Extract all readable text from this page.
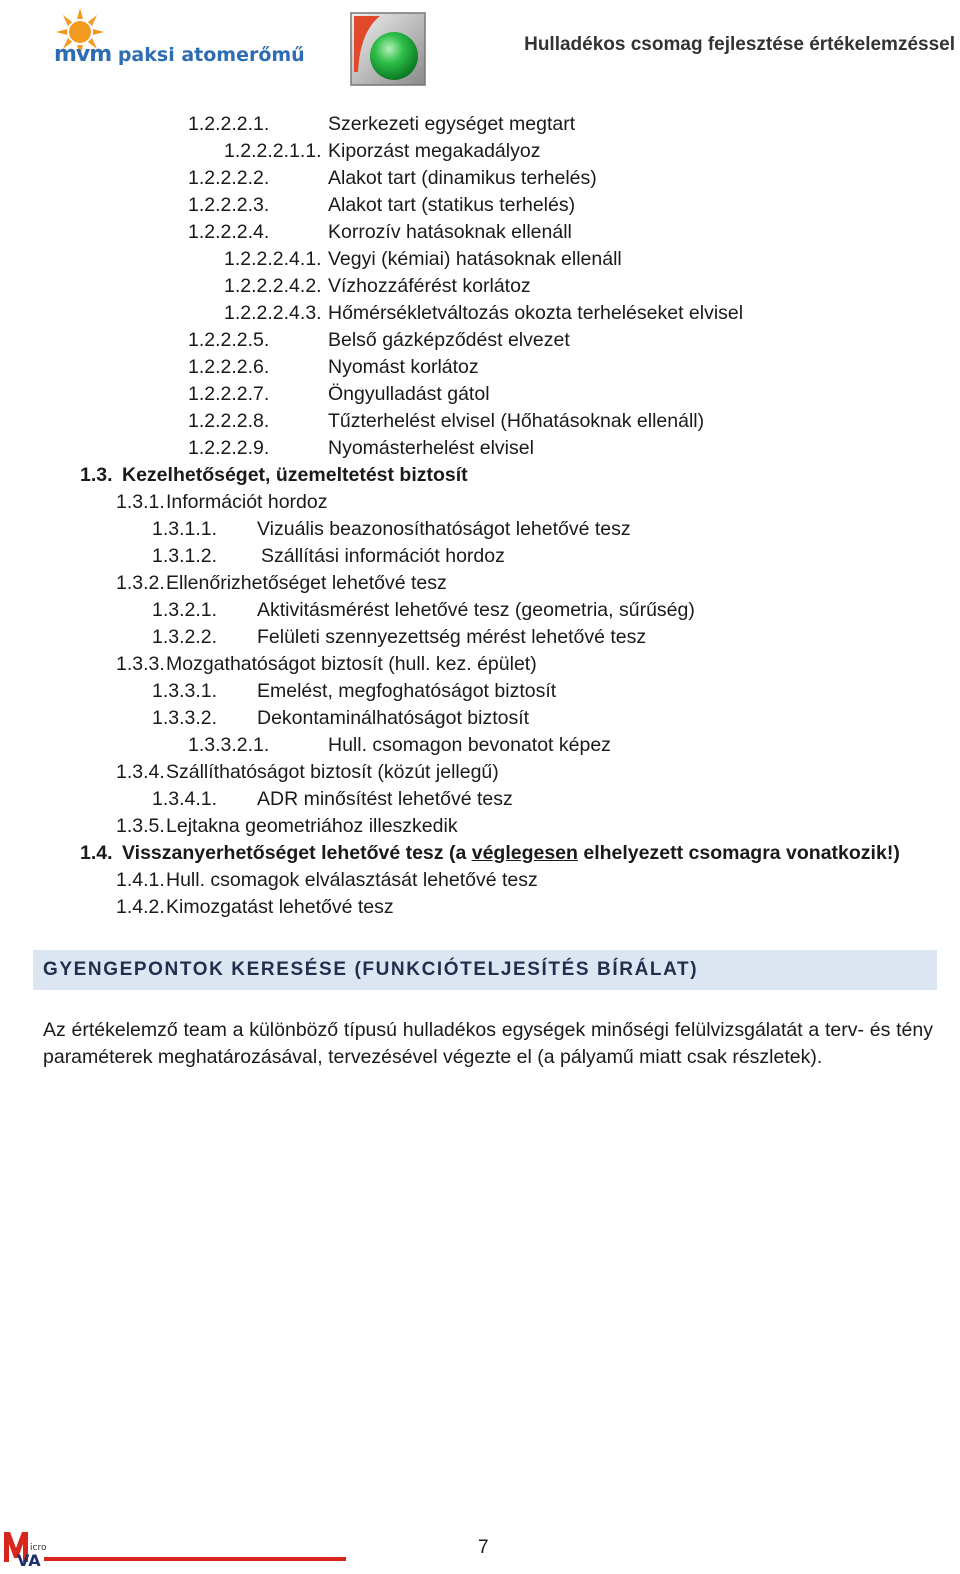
mvm paksi atomerőmű	Hulladékos csomag fejlesztése értékelemzéssel
1.2.2.2.1.	Szerkezeti egységet megtart
1.2.2.2.1.1. Kiporzást megakadályoz
1.2.2.2.2.	Alakot tart (dinamikus terhelés)
1.2.2.2.3.	Alakot tart (statikus terhelés)
1.2.2.2.4.	Korrozív hatásoknak ellenáll
1.2.2.2.4.1. Vegyi (kémiai) hatásoknak ellenáll
1.2.2.2.4.2. Vízhozzáférést korlátoz
1.2.2.2.4.3. Hőmérsékletváltozás okozta terheléseket elvisel
1.2.2.2.5.	Belső gázképződést elvezet
1.2.2.2.6.	Nyomást korlátoz
1.2.2.2.7.	Öngyulladást gátol
1.2.2.2.8.	Tűzterhelést elvisel (Hőhatásoknak ellenáll)
1.2.2.2.9.	Nyomásterhelést elvisel
1.3. Kezelhetőséget, üzemeltetést biztosít
1.3.1. Információt hordoz
1.3.1.1. Vizuális beazonosíthatóságot lehetővé tesz
1.3.1.2. Szállítási információt hordoz
1.3.2. Ellenőrizhetőséget lehetővé tesz
1.3.2.1. Aktivitásmérést lehetővé tesz (geometria, sűrűség)
1.3.2.2. Felületi szennyezettség mérést lehetővé tesz
1.3.3. Mozgathatóságot biztosít (hull. kez. épület)
1.3.3.1. Emelést, megfoghatóságot biztosít
1.3.3.2. Dekontaminálhatóságot biztosít
1.3.3.2.1.	Hull. csomagon bevonatot képez
1.3.4. Szállíthatóságot biztosít (közút jellegű)
1.3.4.1. ADR minősítést lehetővé tesz
1.3.5. Lejtakna geometriához illeszkedik
1.4. Visszanyerhetőséget lehetővé tesz (a véglegesen elhelyezett csomagra vonatkozik!)
1.4.1. Hull. csomagok elválasztását lehetővé tesz
1.4.2. Kimozgatást lehetővé tesz
GYENGEPONTOK KERESÉSE (FUNKCIÓTELJESÍTÉS BÍRÁLAT)
Az értékelemző team a különböző típusú hulladékos egységek minőségi felülvizsgálatát a terv- és tény paraméterek meghatározásával, tervezésével végezte el (a pályamű miatt csak részletek).
icro
VA
7
